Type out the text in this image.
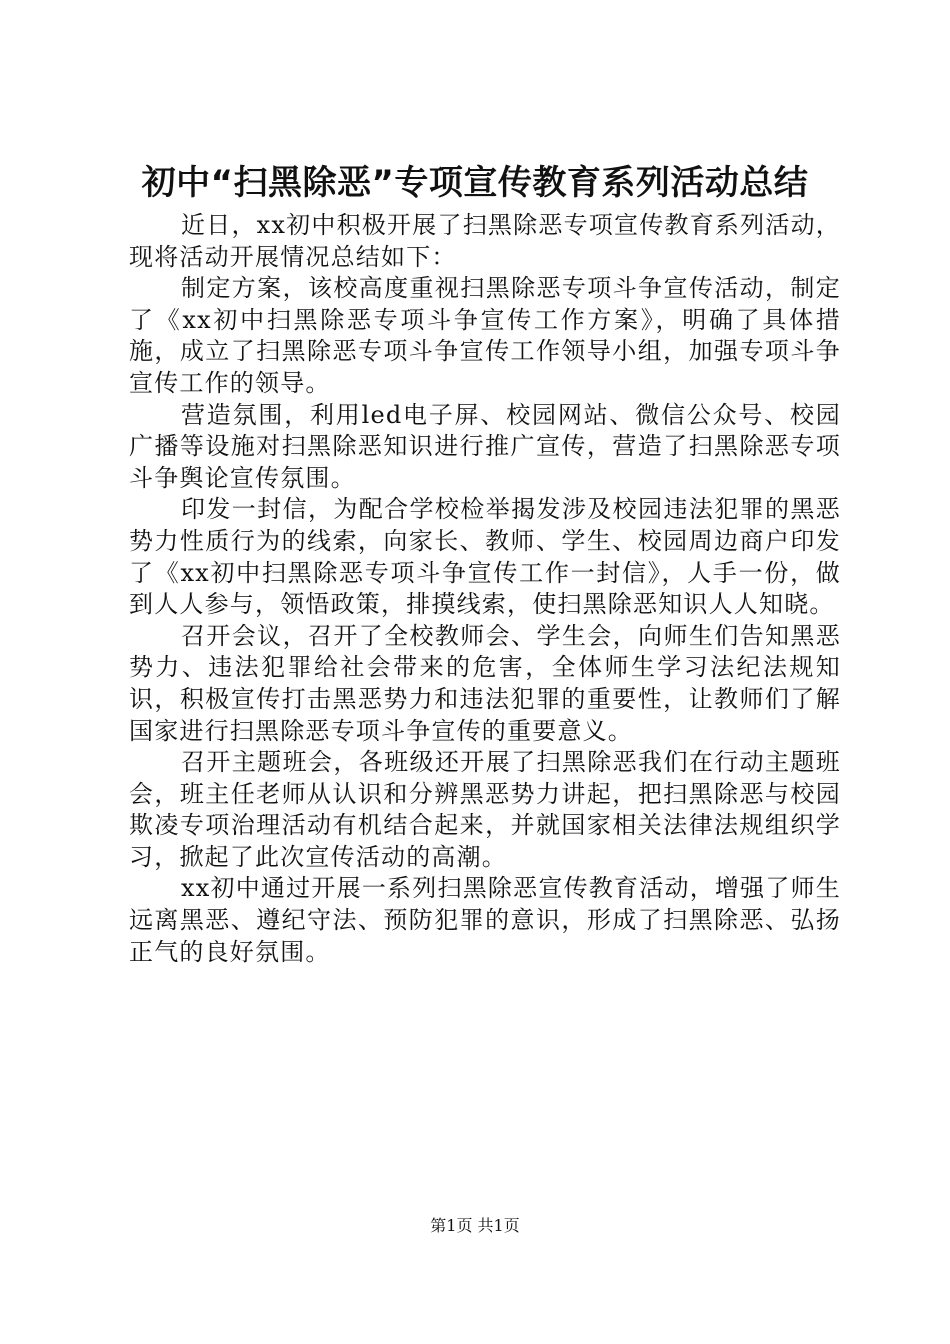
初中“扫黑除恶”专项宣传教育系列活动总结

近日，xx初中积极开展了扫黑除恶专项宣传教育系列活动，现将活动开展情况总结如下：

制定方案，该校高度重视扫黑除恶专项斗争宣传活动，制定了《xx初中扫黑除恶专项斗争宣传工作方案》，明确了具体措施，成立了扫黑除恶专项斗争宣传工作领导小组，加强专项斗争宣传工作的领导。

营造氛围，利用led电子屏、校园网站、微信公众号、校园广播等设施对扫黑除恶知识进行推广宣传，营造了扫黑除恶专项斗争舆论宣传氛围。

印发一封信，为配合学校检举揭发涉及校园违法犯罪的黑恶势力性质行为的线索，向家长、教师、学生、校园周边商户印发了《xx初中扫黑除恶专项斗争宣传工作一封信》，人手一份，做到人人参与，领悟政策，排摸线索，使扫黑除恶知识人人知晓。

召开会议，召开了全校教师会、学生会，向师生们告知黑恶势力、违法犯罪给社会带来的危害，全体师生学习法纪法规知识，积极宣传打击黑恶势力和违法犯罪的重要性，让教师们了解国家进行扫黑除恶专项斗争宣传的重要意义。

召开主题班会，各班级还开展了扫黑除恶我们在行动主题班会，班主任老师从认识和分辨黑恶势力讲起，把扫黑除恶与校园欺凌专项治理活动有机结合起来，并就国家相关法律法规组织学习，掀起了此次宣传活动的高潮。

xx初中通过开展一系列扫黑除恶宣传教育活动，增强了师生远离黑恶、遵纪守法、预防犯罪的意识，形成了扫黑除恶、弘扬正气的良好氛围。

第1页 共1页
